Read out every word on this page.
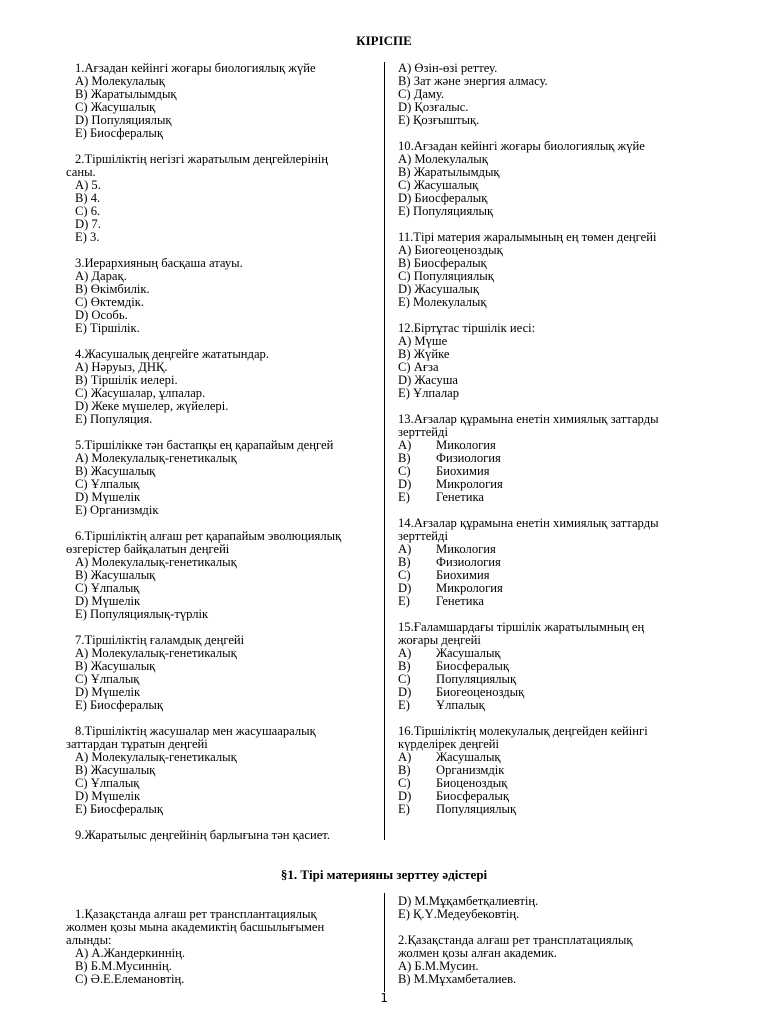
КІРІСПЕ
1.Ағзадан кейінгі жоғары биологиялық жүйе
A) Молекулалық
B) Жаратылымдық
C) Жасушалық
D) Популяциялық
E) Биосфералық
2.Тіршіліктің негізгі жаратылым деңгейлерінің
саны.
A) 5.
B) 4.
C) 6.
D) 7.
E) 3.
3.Иерархияның басқаша атауы.
A) Дарақ.
B) Өкімбилік.
C) Өктемдік.
D) Особь.
E) Тіршілік.
4.Жасушалық деңгейге жататындар.
A) Нәруыз, ДНҚ.
B) Тіршілік иелері.
C) Жасушалар, ұлпалар.
D) Жеке мүшелер, жүйелері.
E) Популяция.
5.Тіршілікке тән бастапқы ең қарапайым деңгей
A) Молекулалық-генетикалық
B) Жасушалық
C) Ұлпалық
D) Мүшелік
E) Организмдік
6.Тіршіліктің алғаш рет қарапайым эволюциялық
өзгерістер байқалатын деңгейі
A) Молекулалық-генетикалық
B) Жасушалық
C) Ұлпалық
D) Мүшелік
E) Популяциялық-түрлік
7.Тіршіліктің ғаламдық деңгейі
A) Молекулалық-генетикалық
B) Жасушалық
C) Ұлпалық
D) Мүшелік
E) Биосфералық
8.Тіршіліктің жасушалар мен жасушааралық
заттардан тұратын деңгейі
A) Молекулалық-генетикалық
B) Жасушалық
C) Ұлпалық
D) Мүшелік
E) Биосфералық
9.Жаратылыс деңгейінің барлығына тән қасиет.
A) Өзін-өзі реттеу.
B) Зат және энергия алмасу.
C) Даму.
D) Қозғалыс.
E) Қозғыштық.
10.Ағзадан кейінгі жоғары биологиялық жүйе
A) Молекулалық
B) Жаратылымдық
C) Жасушалық
D) Биосфералық
E) Популяциялық
11.Тірі материя жаралымының ең төмен деңгейі
A) Биогеоценоздық
B) Биосфералық
C) Популяциялық
D) Жасушалық
E) Молекулалық
12.Біртұтас тіршілік иесі:
A) Мүше
B) Жүйке
C) Ағза
D) Жасуша
E) Ұлпалар
13.Ағзалар құрамына енетін химиялық заттарды
зерттейді
A)	Микология
B)	Физиология
C)	Биохимия
D)	Микрология
E)	Генетика
14.Ағзалар құрамына енетін химиялық заттарды
зерттейді
A)	Микология
B)	Физиология
C)	Биохимия
D)	Микрология
E)	Генетика
15.Ғаламшардағы тіршілік жаратылымның ең
жоғары деңгейі
A)	Жасушалық
B)	Биосфералық
C)	Популяциялық
D)	Биогеоценоздық
E)	Ұлпалық
16.Тіршіліктің молекулалық деңгейден кейінгі
күрделірек деңгейі
A)	Жасушалық
B)	Организмдік
C)	Биоценоздық
D)	Биосфералық
E)	Популяциялық
§1. Тірі материяны зерттеу әдістері
1.Қазақстанда алғаш рет трансплантациялық
жолмен қозы мына академиктің басшылығымен
алынды:
A) А.Жандеркиннің.
B) Б.М.Мусиннің.
C) Ә.Е.Елемановтің.
D) М.Мұқамбетқалиевтің.
E) Қ.Ү.Медеубековтің.
2.Қазақстанда алғаш рет трансплатациялық
жолмен қозы алған академик.
A) Б.М.Мусин.
B) М.Мұхамбеталиев.
1
